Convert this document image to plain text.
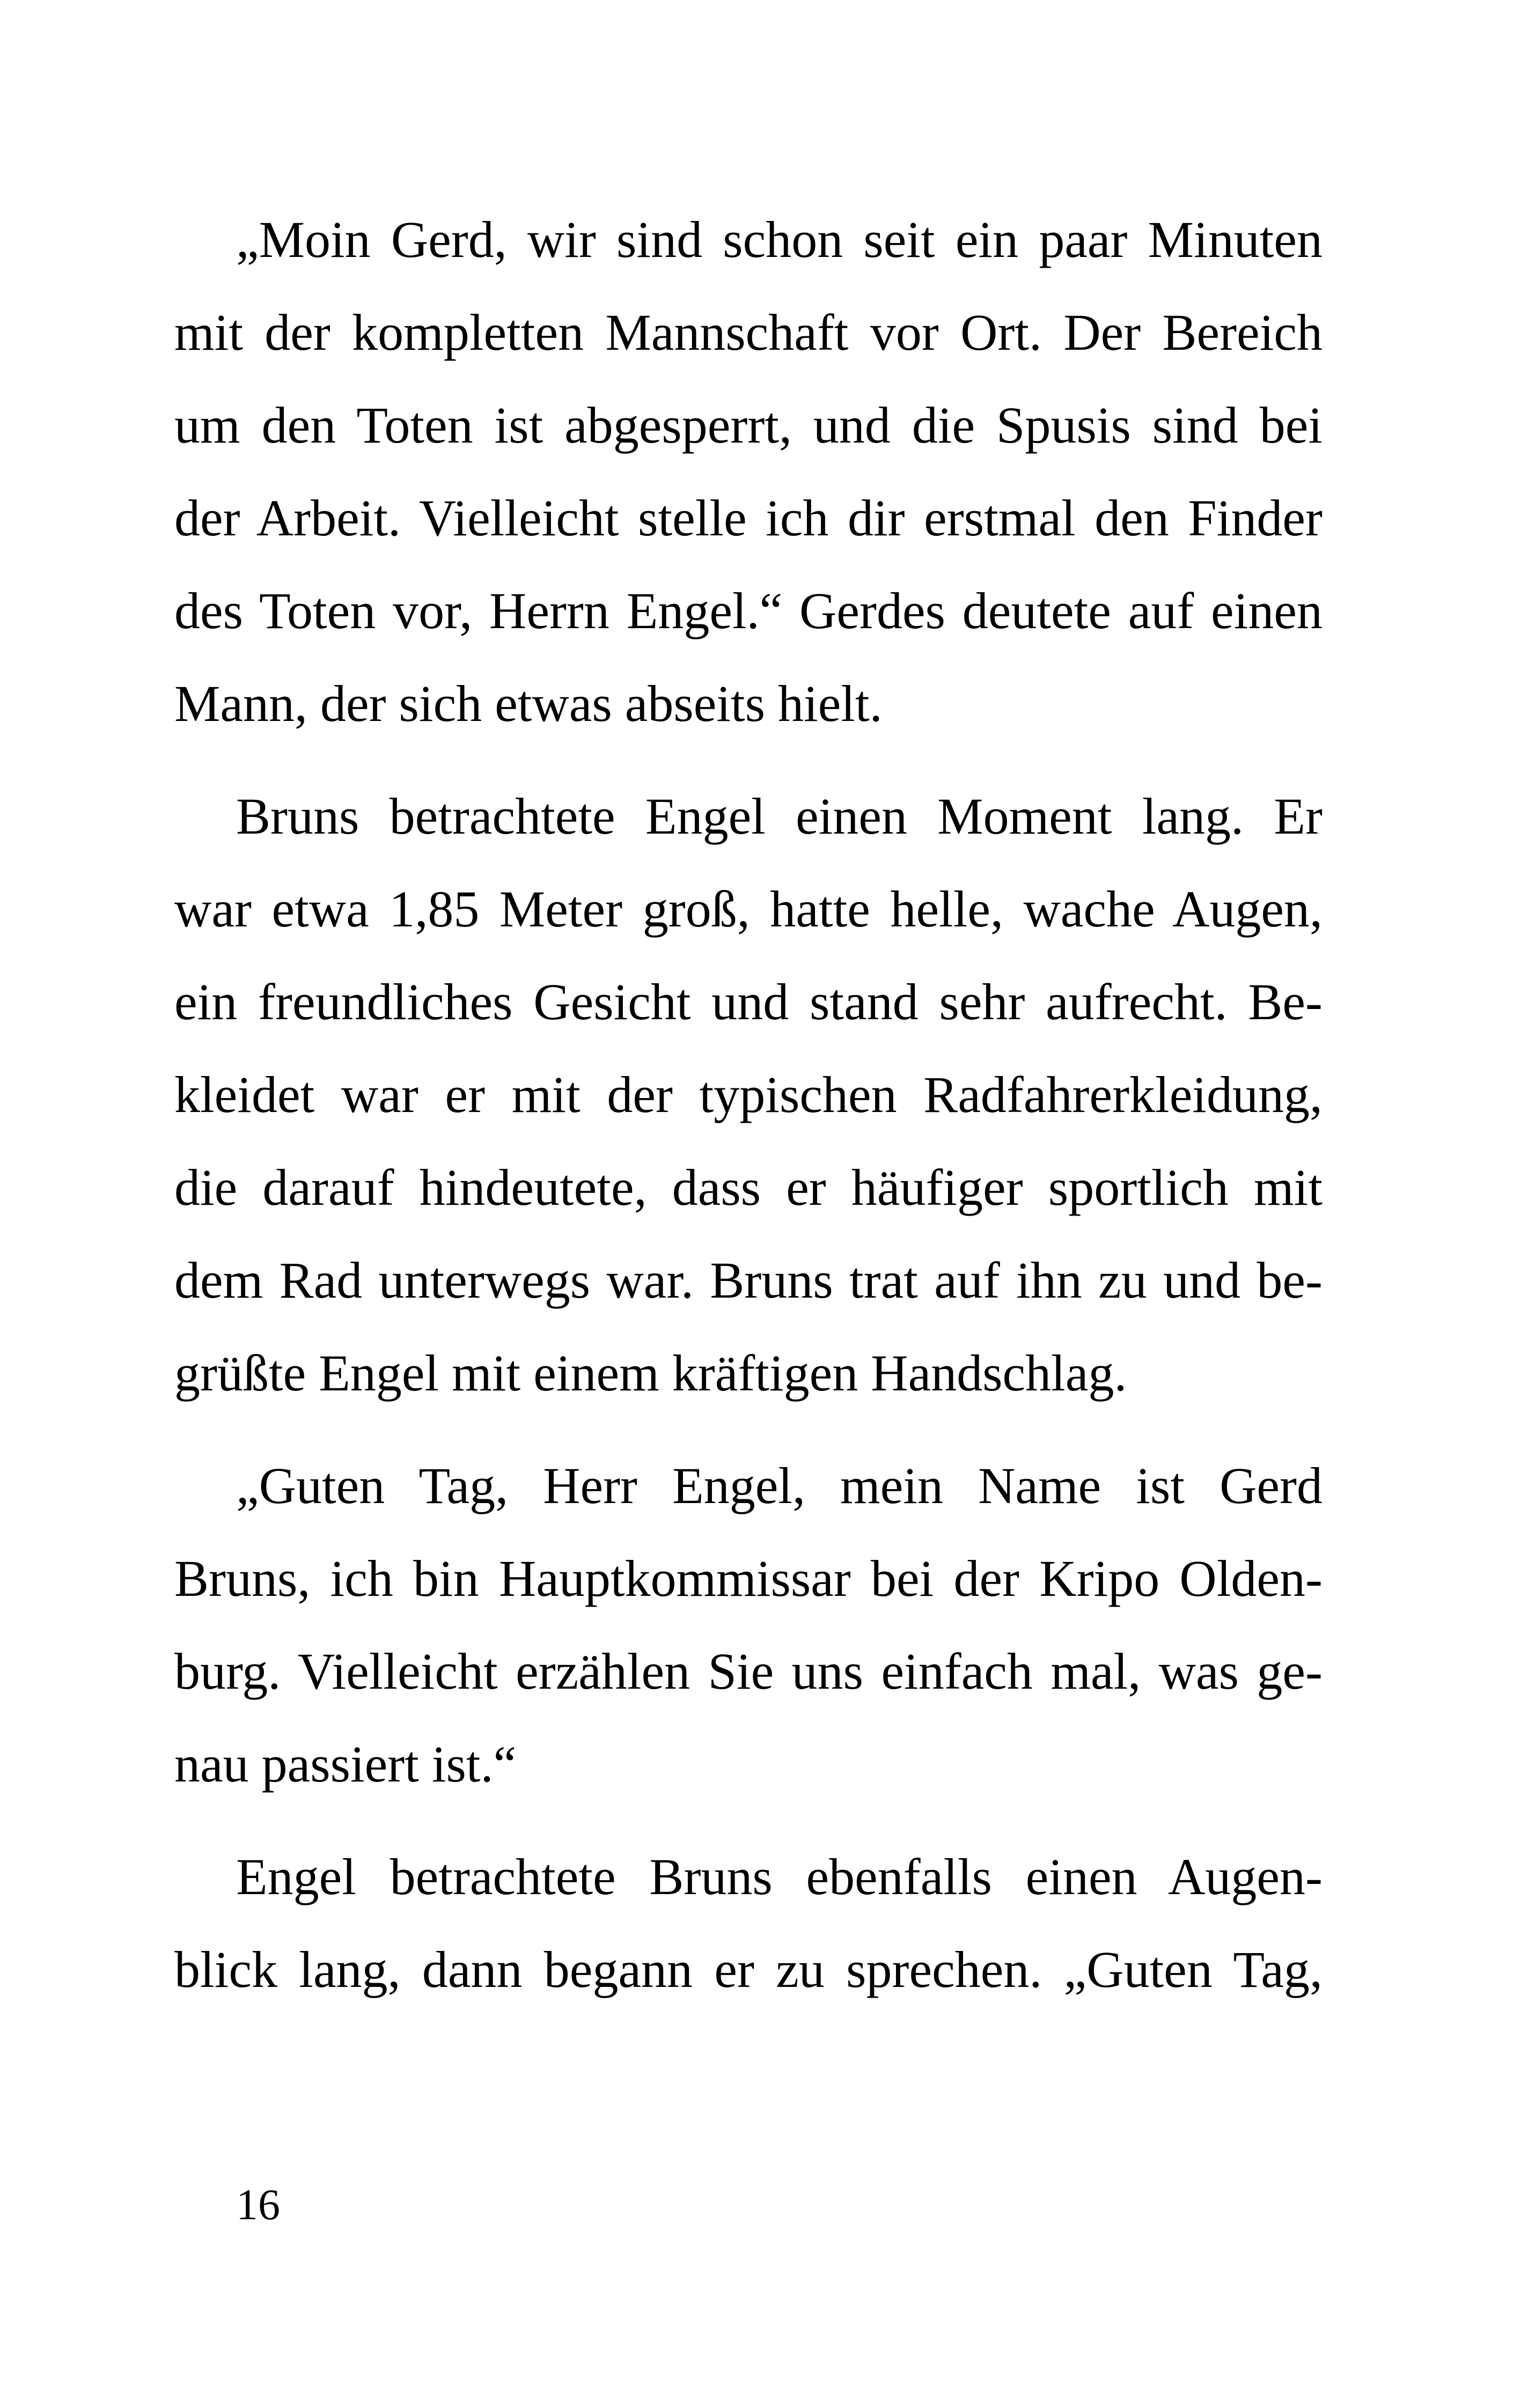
„Moin Gerd, wir sind schon seit ein paar Minuten
mit der kompletten Mannschaft vor Ort. Der Bereich
um den Toten ist abgesperrt, und die Spusis sind bei
der Arbeit. Vielleicht stelle ich dir erstmal den Finder
des Toten vor, Herrn Engel.“ Gerdes deutete auf einen
Mann, der sich etwas abseits hielt.

Bruns betrachtete Engel einen Moment lang. Er
war etwa 1,85 Meter groß, hatte helle, wache Augen,
ein freundliches Gesicht und stand sehr aufrecht. Be-
kleidet war er mit der typischen Radfahrerkleidung,
die darauf hindeutete, dass er häufiger sportlich mit
dem Rad unterwegs war. Bruns trat auf ihn zu und be-
grüßte Engel mit einem kräftigen Handschlag.

„Guten Tag, Herr Engel, mein Name ist Gerd
Bruns, ich bin Hauptkommissar bei der Kripo Olden-
burg. Vielleicht erzählen Sie uns einfach mal, was ge-
nau passiert ist.“

Engel betrachtete Bruns ebenfalls einen Augen-
blick lang, dann begann er zu sprechen. „Guten Tag,

16
